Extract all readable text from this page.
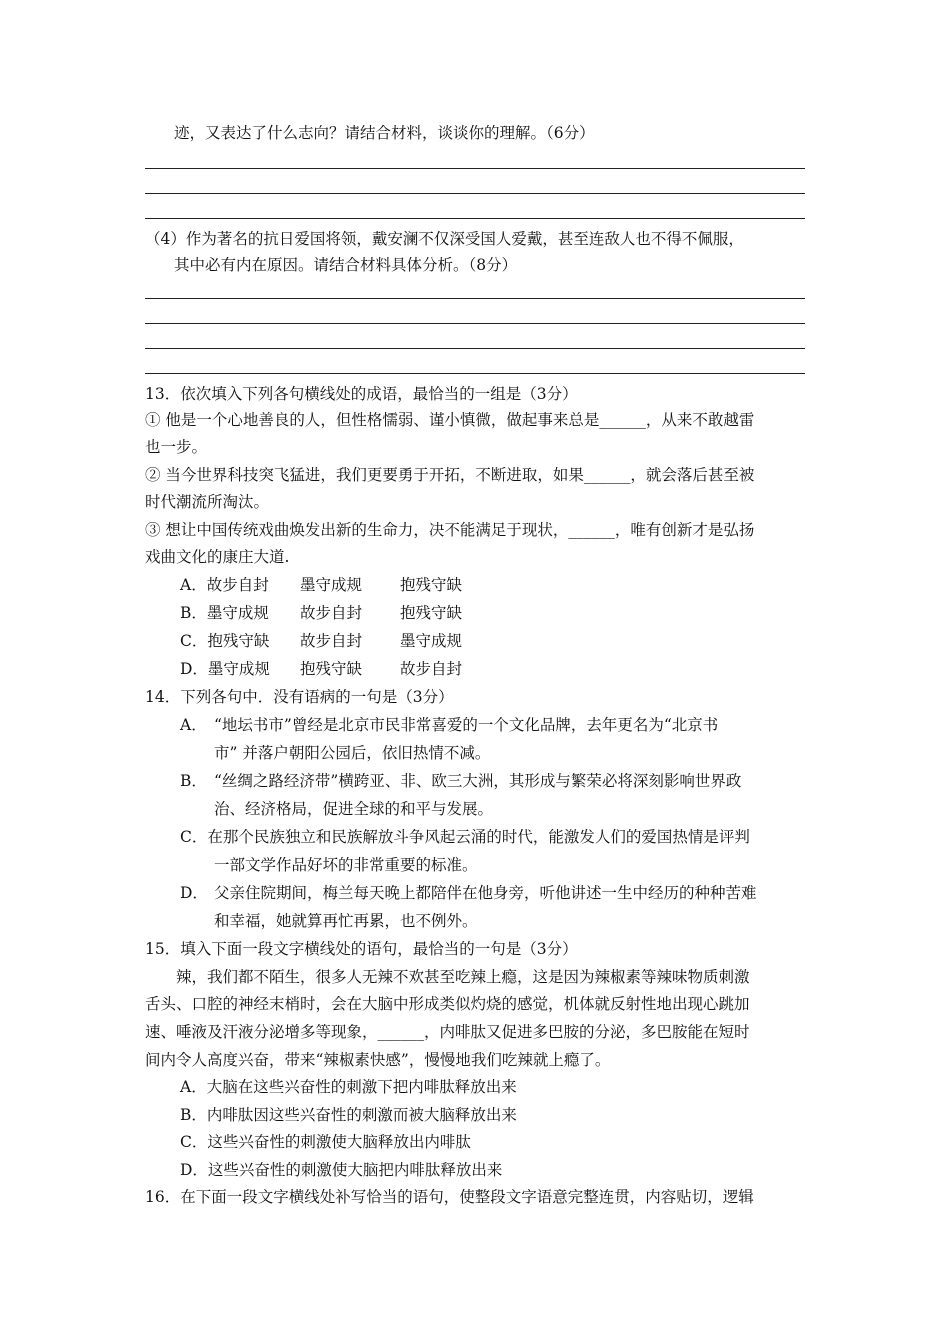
迹，又表达了什么志向？请结合材料，谈谈你的理解。（6分）
（4）作为著名的抗日爱国将领，戴安澜不仅深受国人爱戴，甚至连敌人也不得不佩服，
其中必有内在原因。请结合材料具体分析。（8分）
13．依次填入下列各句横线处的成语，最恰当的一组是（3分）
① 他是一个心地善良的人，但性格懦弱、谨小慎微，做起事来总是______，从来不敢越雷
也一步。
② 当今世界科技突飞猛进，我们更要勇于开拓，不断进取，如果______，就会落后甚至被
时代潮流所淘汰。
③ 想让中国传统戏曲焕发出新的生命力，决不能满足于现状，______，唯有创新才是弘扬
戏曲文化的康庄大道.
A．故步自封 墨守成规 抱残守缺
B．墨守成规 故步自封 抱残守缺
C．抱残守缺 故步自封 墨守成规
D．墨守成规 抱残守缺 故步自封
14．下列各句中．没有语病的一句是（3分）
A． “地坛书市”曾经是北京市民非常喜爱的一个文化品牌，去年更名为“北京书
市” 并落户朝阳公园后，依旧热情不减。
B． “丝绸之路经济带”横跨亚、非、欧三大洲，其形成与繁荣必将深刻影响世界政
治、经济格局，促进全球的和平与发展。
C．在那个民族独立和民族解放斗争风起云涌的时代，能激发人们的爱国热情是评判
一部文学作品好坏的非常重要的标准。
D． 父亲住院期间，梅兰每天晚上都陪伴在他身旁，听他讲述一生中经历的种种苦难
和幸福，她就算再忙再累，也不例外。
15．填入下面一段文字横线处的语句，最恰当的一句是（3分）
辣，我们都不陌生，很多人无辣不欢甚至吃辣上瘾，这是因为辣椒素等辣味物质刺激
舌头、口腔的神经末梢时，会在大脑中形成类似灼烧的感觉，机体就反射性地出现心跳加
速、唾液及汗液分泌增多等现象，______，内啡肽又促进多巴胺的分泌，多巴胺能在短时
间内令人高度兴奋，带来“辣椒素快感”，慢慢地我们吃辣就上瘾了。
A．大脑在这些兴奋性的刺激下把内啡肽释放出来
B．内啡肽因这些兴奋性的刺激而被大脑释放出来
C．这些兴奋性的刺激使大脑释放出内啡肽
D．这些兴奋性的刺激使大脑把内啡肽释放出来
16．在下面一段文字横线处补写恰当的语句，使整段文字语意完整连贯，内容贴切，逻辑
